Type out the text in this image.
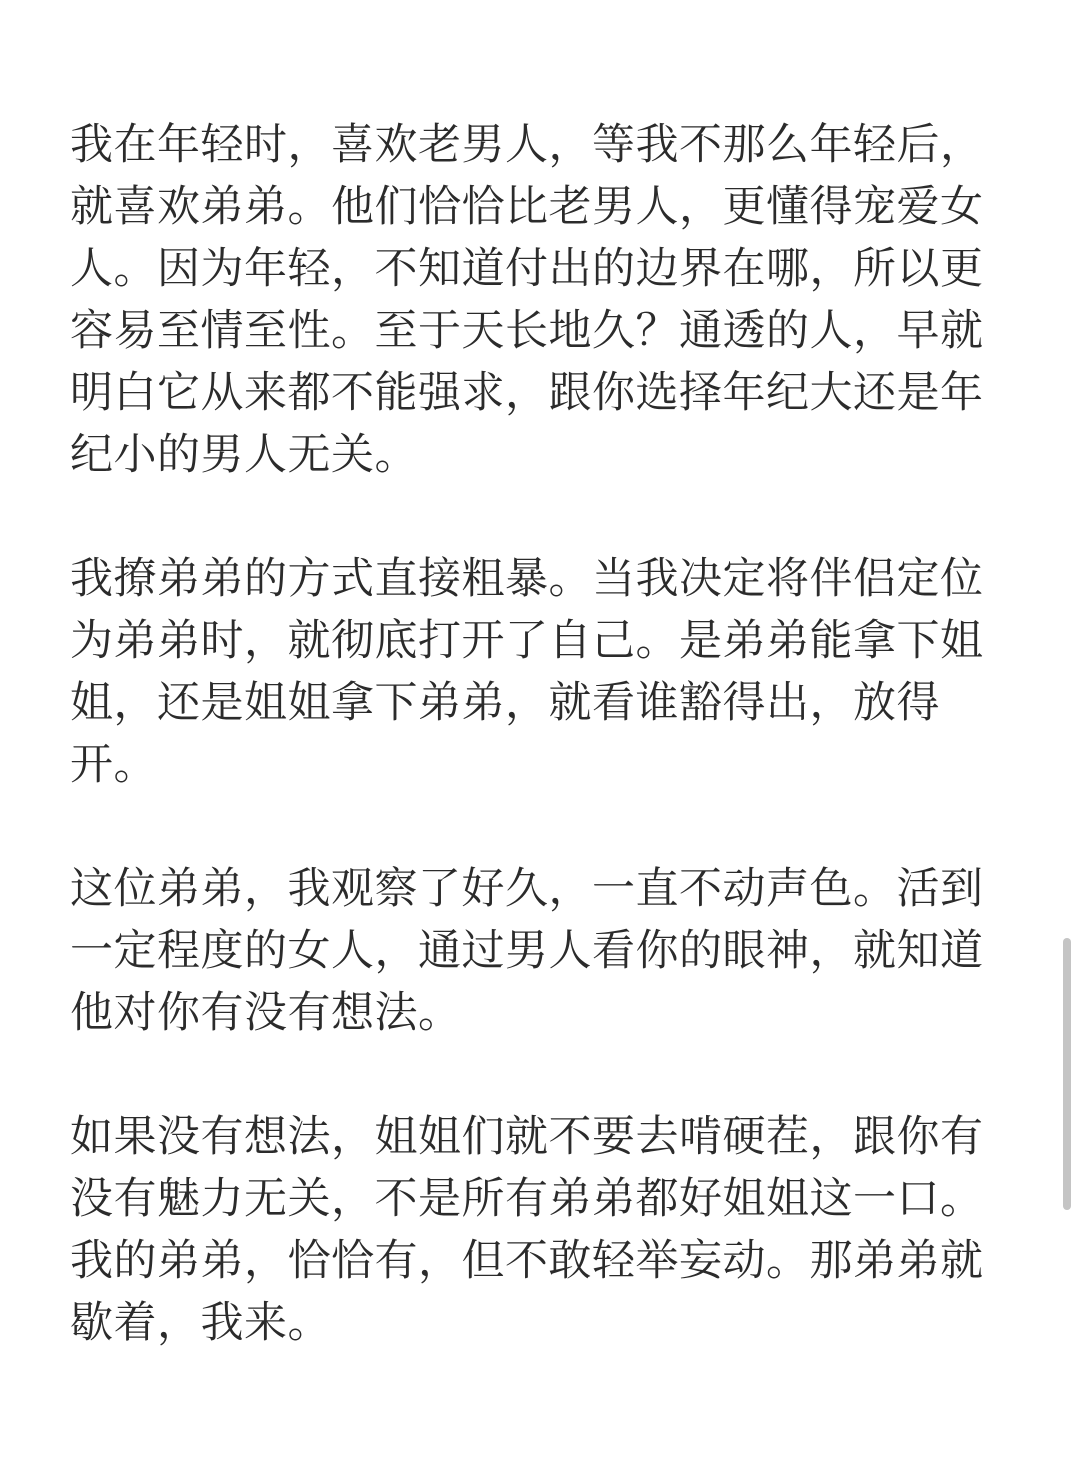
我在年轻时，喜欢老男人，等我不那么年轻后，
就喜欢弟弟。他们恰恰比老男人，更懂得宠爱女
人。因为年轻，不知道付出的边界在哪，所以更
容易至情至性。至于天长地久？通透的人，早就
明白它从来都不能强求，跟你选择年纪大还是年
纪小的男人无关。
我撩弟弟的方式直接粗暴。当我决定将伴侣定位
为弟弟时，就彻底打开了自己。是弟弟能拿下姐
姐，还是姐姐拿下弟弟，就看谁豁得出，放得
开。
这位弟弟，我观察了好久，一直不动声色。活到
一定程度的女人，通过男人看你的眼神，就知道
他对你有没有想法。
如果没有想法，姐姐们就不要去啃硬茬，跟你有
没有魅力无关，不是所有弟弟都好姐姐这一口。
我的弟弟，恰恰有，但不敢轻举妄动。那弟弟就
歇着，我来。
